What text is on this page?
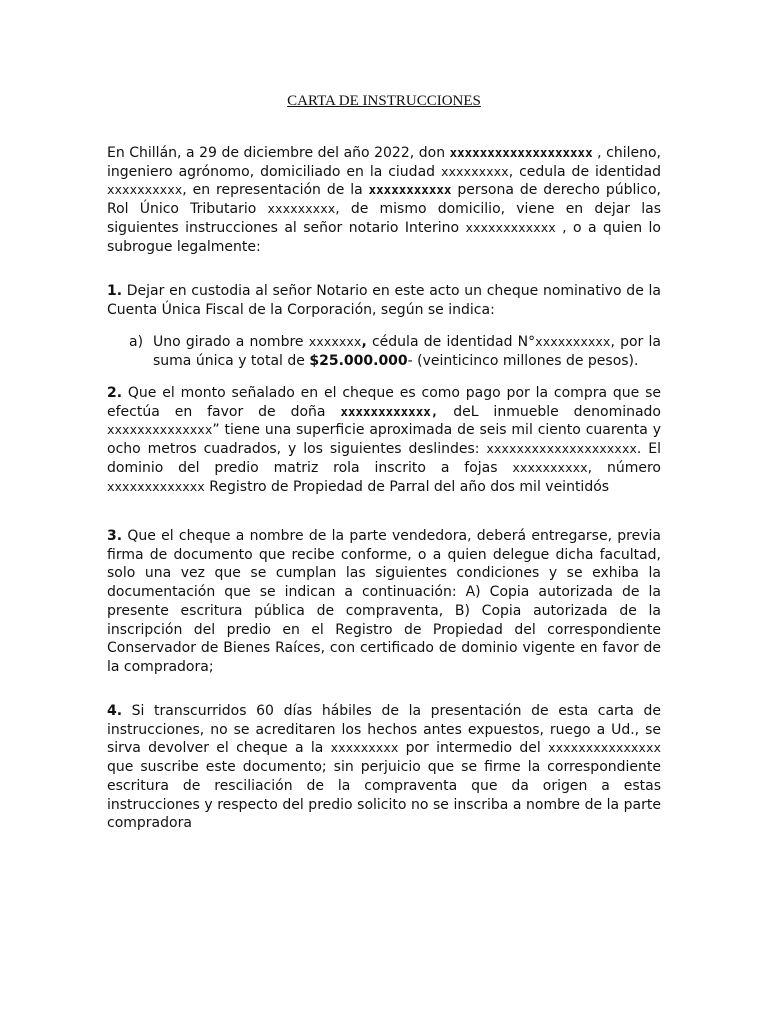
CARTA DE INSTRUCCIONES

En Chillán, a 29 de diciembre del año 2022, don xxxxxxxxxxxxxxxxxxx , chileno, ingeniero agrónomo, domiciliado en la ciudad xxxxxxxxx, cedula de identidad xxxxxxxxxx, en representación de la xxxxxxxxxxx persona de derecho público, Rol Único Tributario xxxxxxxxx, de mismo domicilio, viene en dejar las siguientes instrucciones al señor notario Interino xxxxxxxxxxxx , o a quien lo subrogue legalmente:

1. Dejar en custodia al señor Notario en este acto un cheque nominativo de la Cuenta Única Fiscal de la Corporación, según se indica:

a) Uno girado a nombre xxxxxxx, cédula de identidad N°xxxxxxxxxx, por la suma única y total de $25.000.000- (veinticinco millones de pesos).

2. Que el monto señalado en el cheque es como pago por la compra que se efectúa en favor de doña xxxxxxxxxxxx, deL inmueble denominado xxxxxxxxxxxxxx” tiene una superficie aproximada de seis mil ciento cuarenta y ocho metros cuadrados, y los siguientes deslindes: xxxxxxxxxxxxxxxxxxxx. El dominio del predio matriz rola inscrito a fojas xxxxxxxxxx, número xxxxxxxxxxxxx Registro de Propiedad de Parral del año dos mil veintidós

3. Que el cheque a nombre de la parte vendedora, deberá entregarse, previa firma de documento que recibe conforme, o a quien delegue dicha facultad, solo una vez que se cumplan las siguientes condiciones y se exhiba la documentación que se indican a continuación: A) Copia autorizada de la presente escritura pública de compraventa, B) Copia autorizada de la inscripción del predio en el Registro de Propiedad del correspondiente Conservador de Bienes Raíces, con certificado de dominio vigente en favor de la compradora;

4. Si transcurridos 60 días hábiles de la presentación de esta carta de instrucciones, no se acreditaren los hechos antes expuestos, ruego a Ud., se sirva devolver el cheque a la xxxxxxxxx por intermedio del xxxxxxxxxxxxxxx que suscribe este documento; sin perjuicio que se firme la correspondiente escritura de resciliación de la compraventa que da origen a estas instrucciones y respecto del predio solicito no se inscriba a nombre de la parte compradora
